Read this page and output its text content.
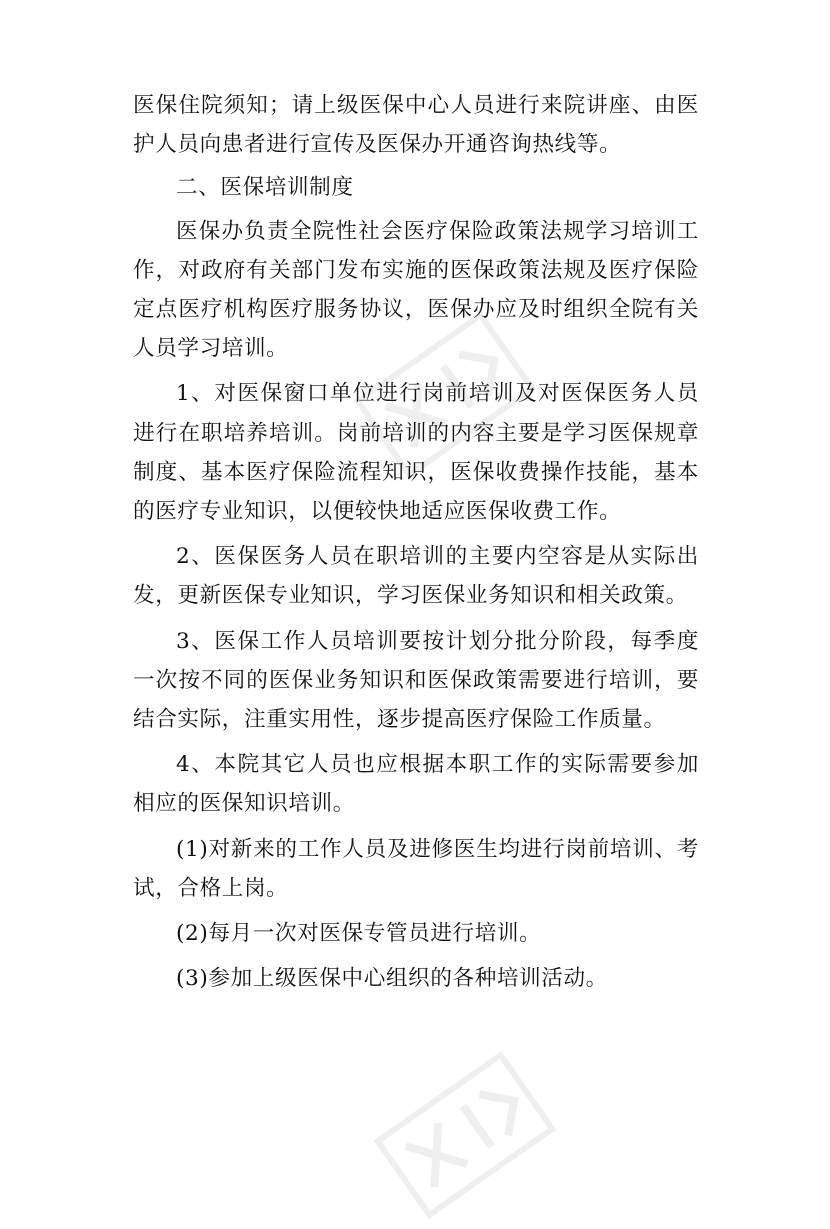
医保住院须知；请上级医保中心人员进行来院讲座、由医护人员向患者进行宣传及医保办开通咨询热线等。

二、医保培训制度

医保办负责全院性社会医疗保险政策法规学习培训工作，对政府有关部门发布实施的医保政策法规及医疗保险定点医疗机构医疗服务协议，医保办应及时组织全院有关人员学习培训。

1、对医保窗口单位进行岗前培训及对医保医务人员进行在职培养培训。岗前培训的内容主要是学习医保规章制度、基本医疗保险流程知识，医保收费操作技能，基本的医疗专业知识，以便较快地适应医保收费工作。

2、医保医务人员在职培训的主要内空容是从实际出发，更新医保专业知识，学习医保业务知识和相关政策。

3、医保工作人员培训要按计划分批分阶段，每季度一次按不同的医保业务知识和医保政策需要进行培训，要结合实际，注重实用性，逐步提高医疗保险工作质量。

4、本院其它人员也应根据本职工作的实际需要参加相应的医保知识培训。

(1)对新来的工作人员及进修医生均进行岗前培训、考试，合格上岗。

(2)每月一次对医保专管员进行培训。

(3)参加上级医保中心组织的各种培训活动。
